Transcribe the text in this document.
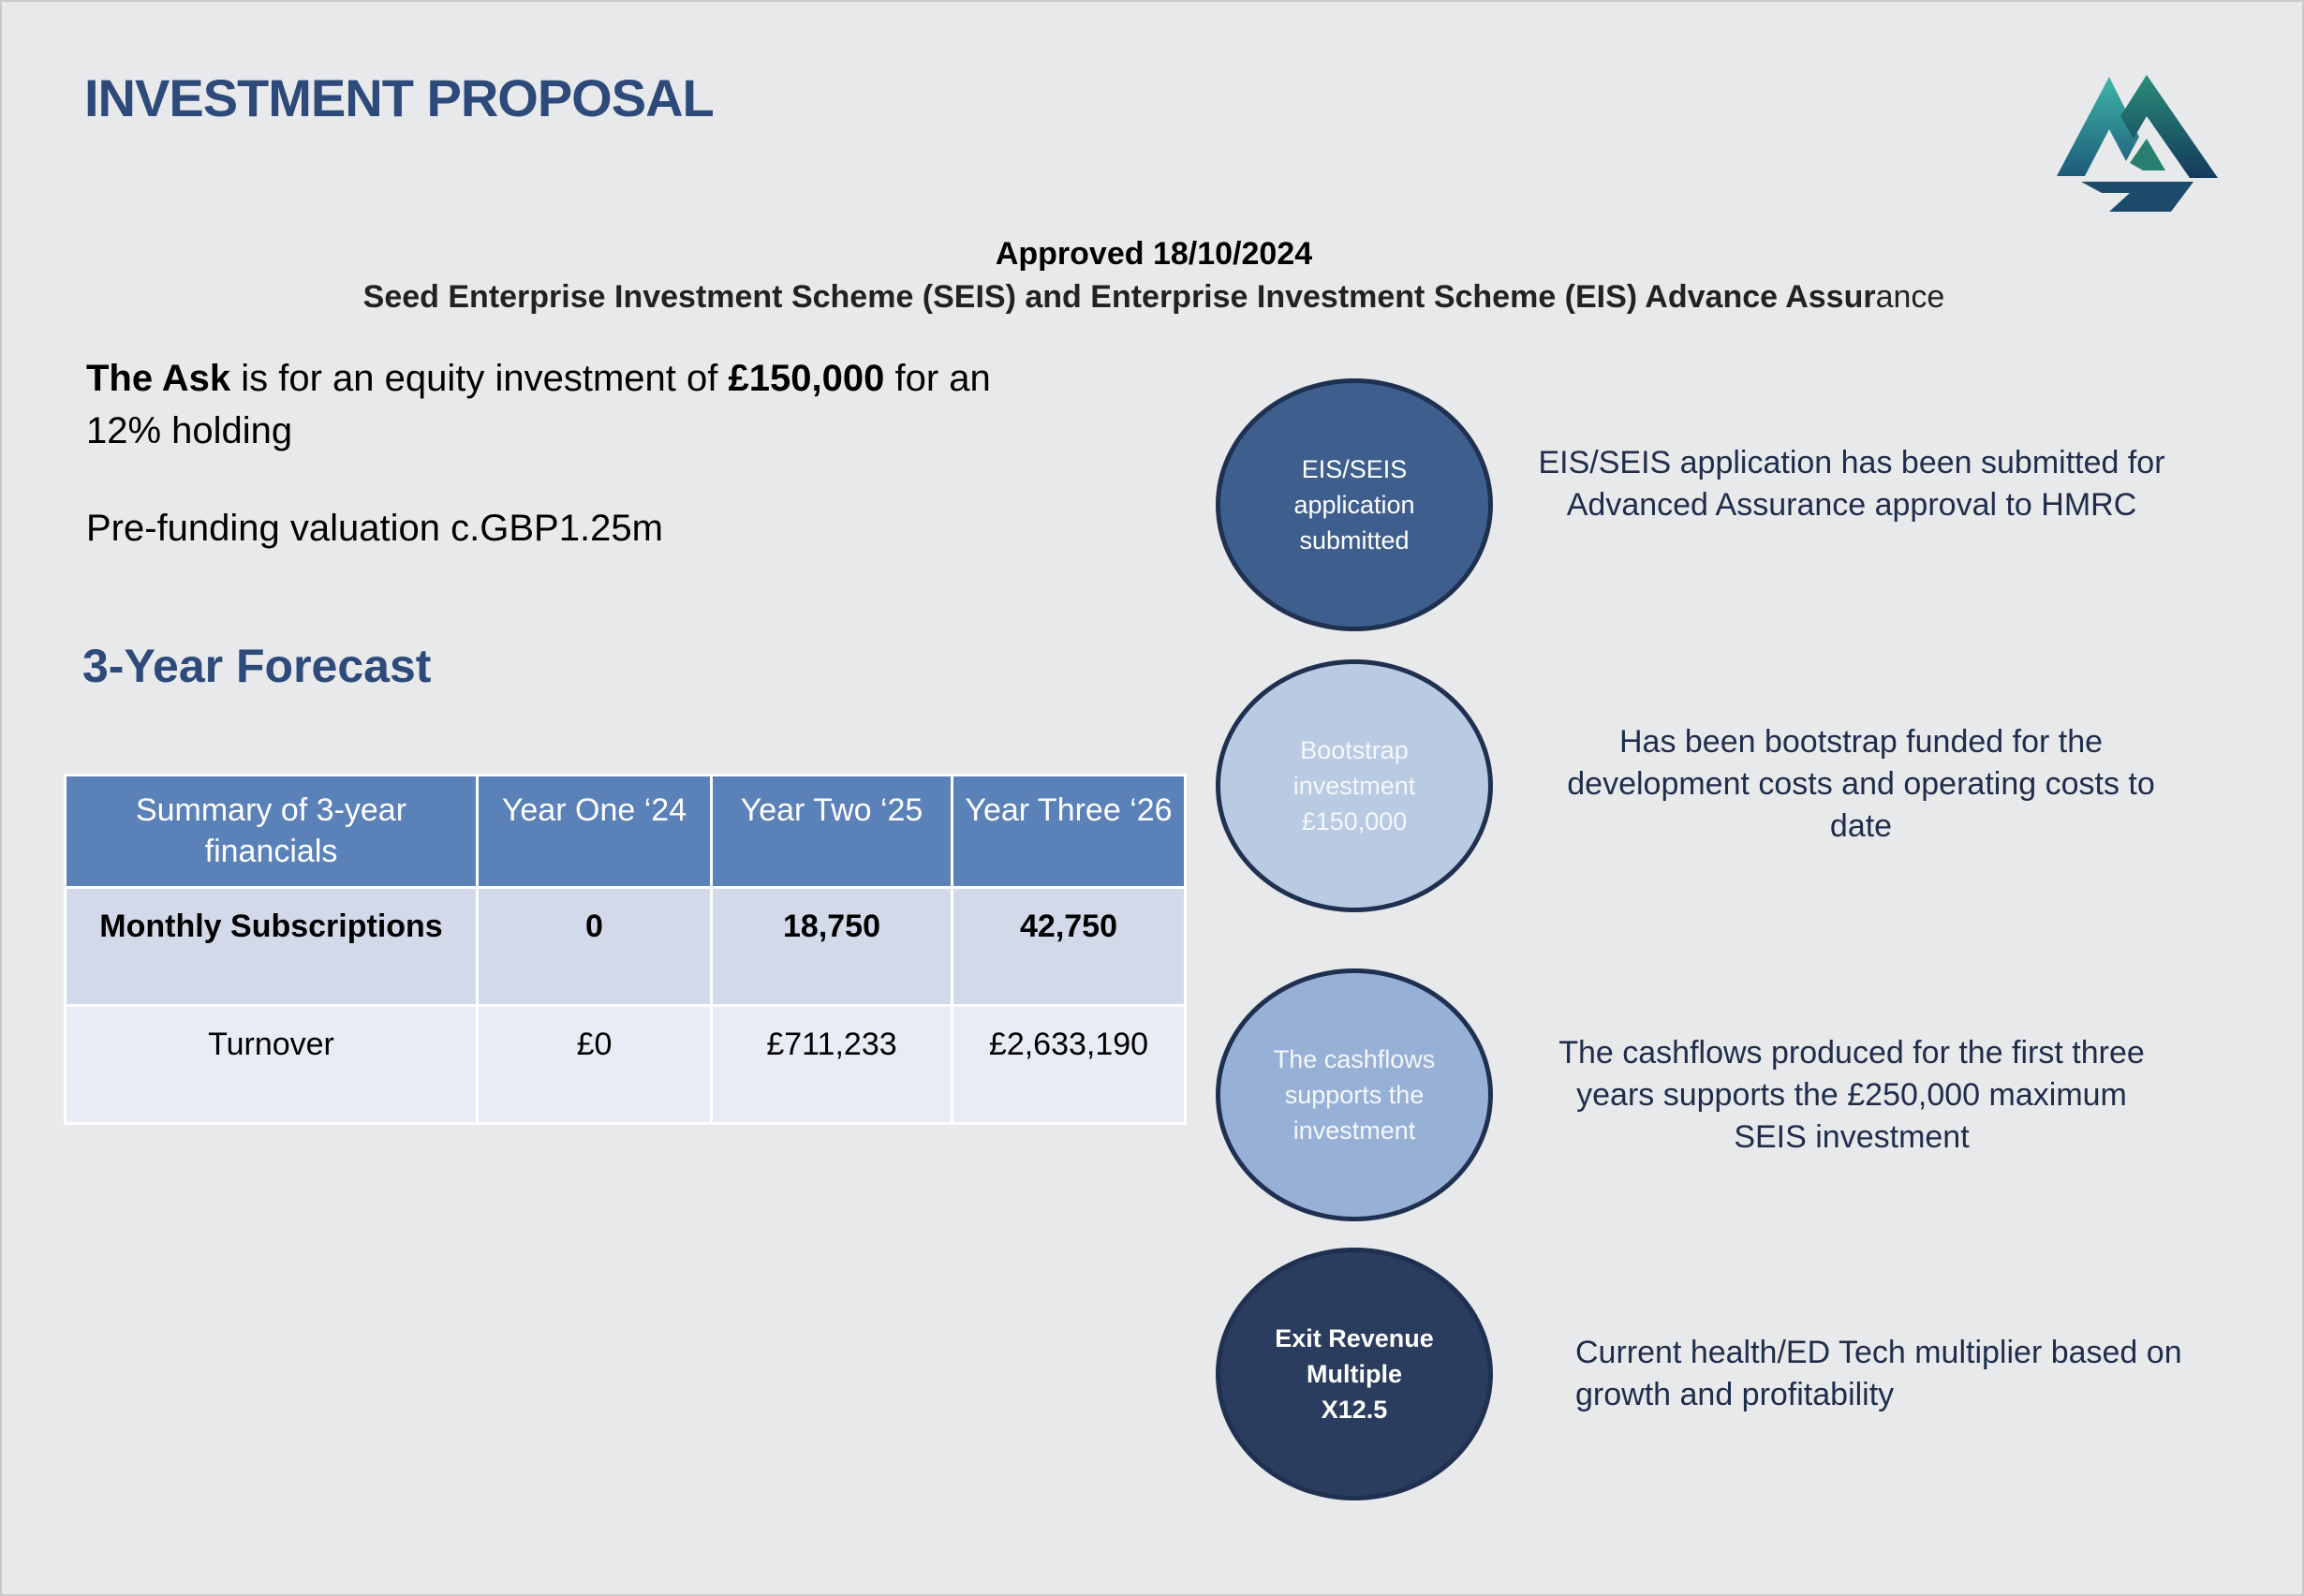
INVESTMENT PROPOSAL
Approved 18/10/2024
Seed Enterprise Investment Scheme (SEIS) and Enterprise Investment Scheme (EIS) Advance Assurance
The Ask is for an equity investment of £150,000 for an 12% holding
Pre-funding valuation c.GBP1.25m
3-Year Forecast
Summary of 3-year financials	Year One ‘24	Year Two ‘25	Year Three ‘26
Monthly Subscriptions	0	18,750	42,750
Turnover	£0	£711,233	£2,633,190
EIS/SEIS application submitted
EIS/SEIS application has been submitted for Advanced Assurance approval to HMRC
Bootstrap investment £150,000
Has been bootstrap funded for the development costs and operating costs to date
The cashflows supports the investment
The cashflows produced for the first three years supports the £250,000 maximum SEIS investment
Exit Revenue Multiple X12.5
Current health/ED Tech multiplier based on growth and profitability
